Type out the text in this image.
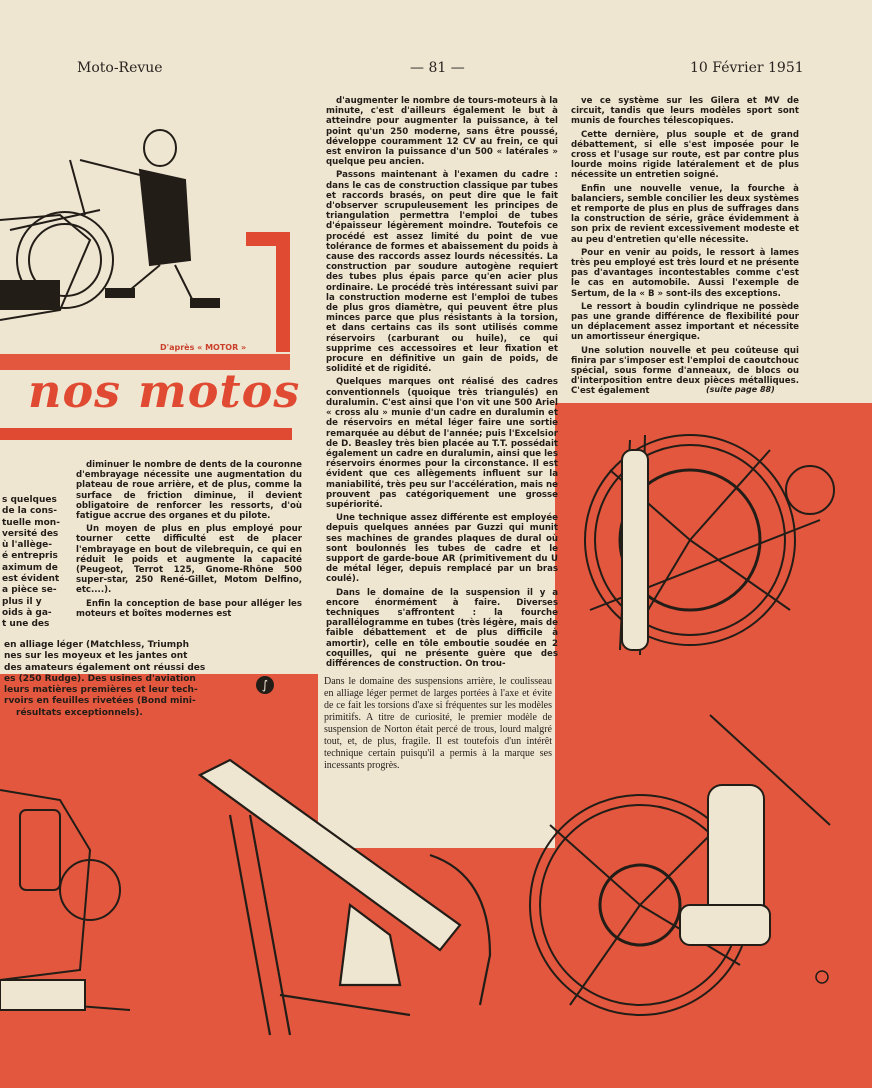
Moto-Revue	— 81 —	10 Février 1951
D'après « MOTOR »
nos motos

d'augmenter le nombre de tours-moteurs à la minute, c'est d'ailleurs également le but à atteindre pour augmenter la puissance, à tel point qu'un 250 moderne, sans être poussé, développe couramment 12 CV au frein, ce qui est environ la puissance d'un 500 « latérales » quelque peu ancien.

Passons maintenant à l'examen du cadre : dans le cas de construction classique par tubes et raccords brasés, on peut dire que le fait d'observer scrupuleusement les principes de triangulation permettra l'emploi de tubes d'épaisseur légèrement moindre. Toutefois ce procédé est assez limité du point de vue tolérance de formes et abaissement du poids à cause des raccords assez lourds nécessités. La construction par soudure autogène requiert des tubes plus épais parce qu'en acier plus ordinaire. Le procédé très intéressant suivi par la construction moderne est l'emploi de tubes de plus gros diamètre, qui peuvent être plus minces parce que plus résistants à la torsion, et dans certains cas ils sont utilisés comme réservoirs (carburant ou huile), ce qui supprime ces accessoires et leur fixation et procure en définitive un gain de poids, de solidité et de rigidité.

Quelques marques ont réalisé des cadres conventionnels (quoique très triangulés) en duralumin. C'est ainsi que l'on vit une 500 Ariel « cross alu » munie d'un cadre en duralumin et de réservoirs en métal léger faire une sortie remarquée au début de l'année; puis l'Excelsior de D. Beasley très bien placée au T.T. possédait également un cadre en duralumin, ainsi que les réservoirs énormes pour la circonstance. Il est évident que ces allègements influent sur la maniabilité, très peu sur l'accélération, mais ne prouvent pas catégoriquement une grosse supériorité.

Une technique assez différente est employée depuis quelques années par Guzzi qui munit ses machines de grandes plaques de dural où sont boulonnés les tubes de cadre et le support de garde-boue AR (primitivement du U de métal léger, depuis remplacé par un bras coulé).

Dans le domaine de la suspension il y a encore énormément à faire. Diverses techniques s'affrontent : la fourche parallélogramme en tubes (très légère, mais de faible débattement et de plus difficile à amortir), celle en tôle emboutie soudée en 2 coquilles, qui ne présente guère que des différences de construction. On trou-

ve ce système sur les Gilera et MV de circuit, tandis que leurs modèles sport sont munis de fourches télescopiques.

Cette dernière, plus souple et de grand débattement, si elle s'est imposée pour le cross et l'usage sur route, est par contre plus lourde moins rigide latéralement et de plus nécessite un entretien soigné.

Enfin une nouvelle venue, la fourche à balanciers, semble concilier les deux systèmes et remporte de plus en plus de suffrages dans la construction de série, grâce évidemment à son prix de revient excessivement modeste et au peu d'entretien qu'elle nécessite.

Pour en venir au poids, le ressort à lames très peu employé est très lourd et ne présente pas d'avantages incontestables comme c'est le cas en automobile. Aussi l'exemple de Sertum, de la « B » sont-ils des exceptions.

Le ressort à boudin cylindrique ne possède pas une grande différence de flexibilité pour un déplacement assez important et nécessite un amortisseur énergique.

Une solution nouvelle et peu coûteuse qui finira par s'imposer est l'emploi de caoutchouc spécial, sous forme d'anneaux, de blocs ou d'interposition entre deux pièces métalliques. C'est également	(suite page 88)

diminuer le nombre de dents de la couronne d'embrayage nécessite une augmentation du plateau de roue arrière, et de plus, comme la surface de friction diminue, il devient obligatoire de renforcer les ressorts, d'où fatigue accrue des organes et du pilote.

Un moyen de plus en plus employé pour tourner cette difficulté est de placer l'embrayage en bout de vilebrequin, ce qui en réduit le poids et augmente la capacité (Peugeot, Terrot 125, Gnome-Rhône 500 super-star, 250 René-Gillet, Motom Delfino, etc....).

Enfin la conception de base pour alléger les moteurs et boîtes modernes est

s quelques
de la cons-
tuelle mon-
versité des
ù l'allège-
é entrepris
aximum de
est évident
a pièce se-
plus il y
oids à ga-
t une des
en alliage léger (Matchless, Triumph
nes sur les moyeux et les jantes ont
des amateurs également ont réussi des
es (250 Rudge). Des usines d'aviation
leurs matières premières et leur tech-
rvoirs en feuilles rivetées (Bond mini-
résultats exceptionnels).
∫	Dans le domaine des suspensions arrière, le coulisseau en alliage léger permet de larges portées à l'axe et évite de ce fait les torsions d'axe si fréquentes sur les modèles primitifs. A titre de curiosité, le premier modèle de suspension de Norton était percé de trous, lourd malgré tout, et, de plus, fragile. Il est toutefois d'un intérêt technique certain puisqu'il a permis à la marque ses incessants progrès.
